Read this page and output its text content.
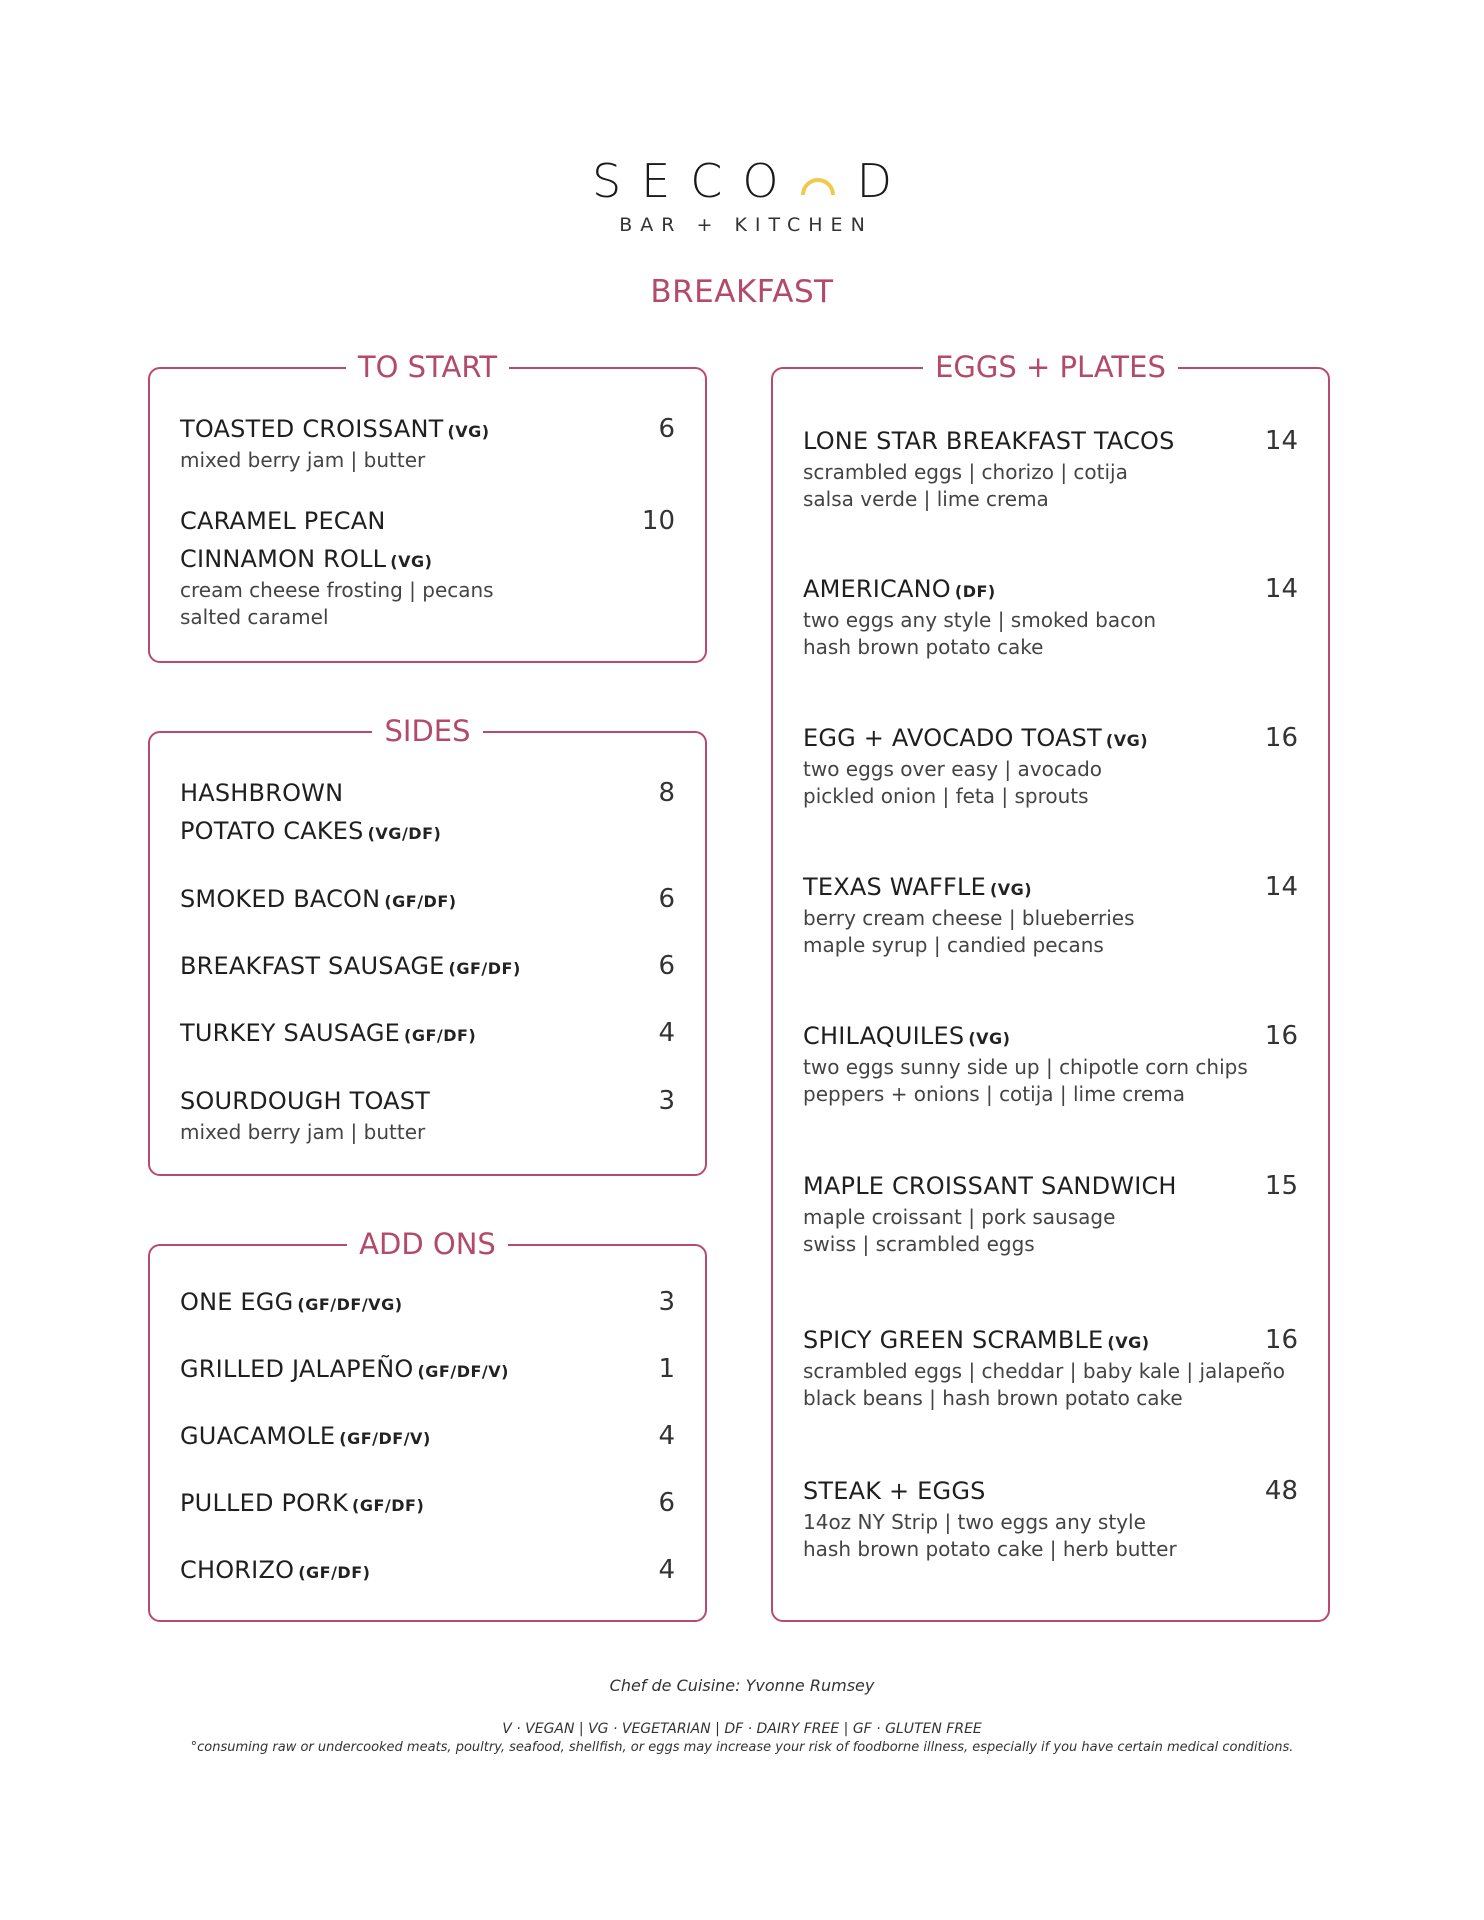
SECO D
BAR + KITCHEN
BREAKFAST
TO START
TOASTED CROISSANT (VG)
mixed berry jam | butter
6
CARAMEL PECAN
CINNAMON ROLL (VG)
cream cheese frosting | pecans
salted caramel
10
SIDES
HASHBROWN
POTATO CAKES (VG/DF)
8
SMOKED BACON (GF/DF)	6
BREAKFAST SAUSAGE (GF/DF)	6
TURKEY SAUSAGE (GF/DF)	4
SOURDOUGH TOAST
mixed berry jam | butter
3
ADD ONS
ONE EGG (GF/DF/VG)	3
GRILLED JALAPEÑO (GF/DF/V)	1
GUACAMOLE (GF/DF/V)	4
PULLED PORK (GF/DF)	6
CHORIZO (GF/DF)	4
EGGS + PLATES
LONE STAR BREAKFAST TACOS
scrambled eggs | chorizo | cotija
salsa verde | lime crema
14
AMERICANO (DF)
two eggs any style | smoked bacon
hash brown potato cake
14
EGG + AVOCADO TOAST (VG)
two eggs over easy | avocado
pickled onion | feta | sprouts
16
TEXAS WAFFLE (VG)
berry cream cheese | blueberries
maple syrup | candied pecans
14
CHILAQUILES (VG)
two eggs sunny side up | chipotle corn chips
peppers + onions | cotija | lime crema
16
MAPLE CROISSANT SANDWICH
maple croissant | pork sausage
swiss | scrambled eggs
15
SPICY GREEN SCRAMBLE (VG)
scrambled eggs | cheddar | baby kale | jalapeño
black beans | hash brown potato cake
16
STEAK + EGGS
14oz NY Strip | two eggs any style
hash brown potato cake | herb butter
48
Chef de Cuisine: Yvonne Rumsey
V · VEGAN | VG · VEGETARIAN | DF · DAIRY FREE | GF · GLUTEN FREE
°consuming raw or undercooked meats, poultry, seafood, shellfish, or eggs may increase your risk of foodborne illness, especially if you have certain medical conditions.
